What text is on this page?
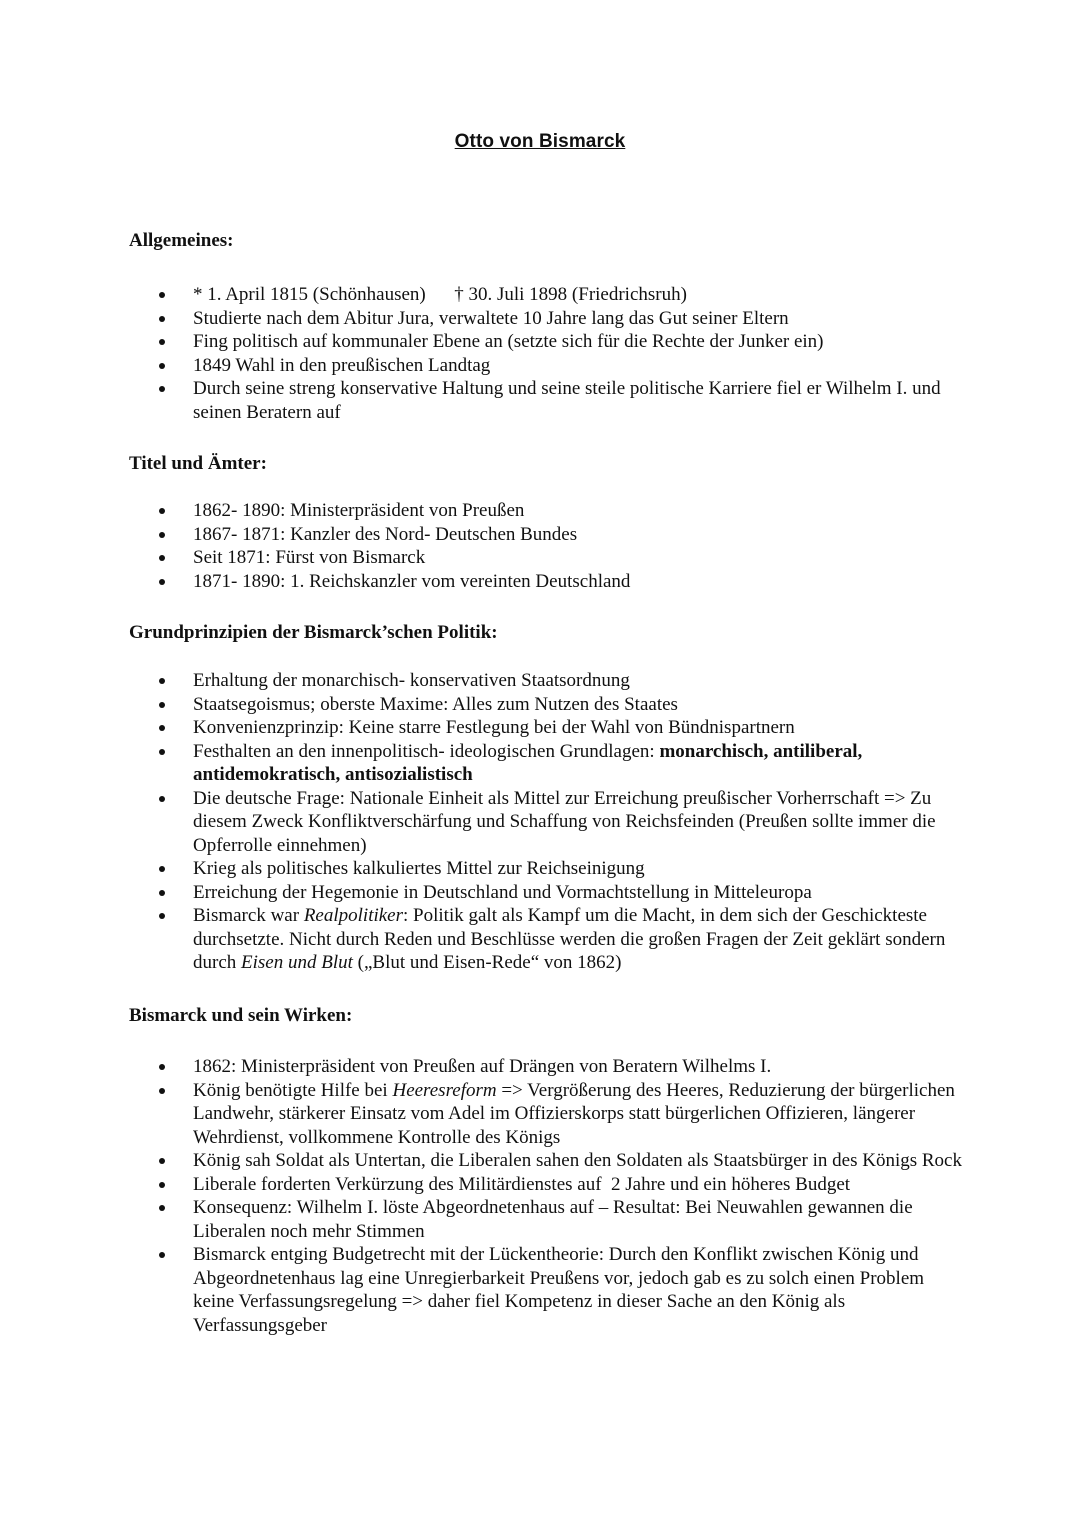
Otto von Bismarck
Allgemeines:
* 1. April 1815 (Schönhausen)      † 30. Juli 1898 (Friedrichsruh)
Studierte nach dem Abitur Jura, verwaltete 10 Jahre lang das Gut seiner Eltern
Fing politisch auf kommunaler Ebene an (setzte sich für die Rechte der Junker ein)
1849 Wahl in den preußischen Landtag
Durch seine streng konservative Haltung und seine steile politische Karriere fiel er Wilhelm I. und seinen Beratern auf
Titel und Ämter:
1862- 1890: Ministerpräsident von Preußen
1867- 1871: Kanzler des Nord- Deutschen Bundes
Seit 1871: Fürst von Bismarck
1871- 1890: 1. Reichskanzler vom vereinten Deutschland
Grundprinzipien der Bismarck’schen Politik:
Erhaltung der monarchisch- konservativen Staatsordnung
Staatsegoismus; oberste Maxime: Alles zum Nutzen des Staates
Konvenienzprinzip: Keine starre Festlegung bei der Wahl von Bündnispartnern
Festhalten an den innenpolitisch- ideologischen Grundlagen: monarchisch, antiliberal, antidemokratisch, antisozialistisch
Die deutsche Frage: Nationale Einheit als Mittel zur Erreichung preußischer Vorherrschaft => Zu diesem Zweck Konfliktverschärfung und Schaffung von Reichsfeinden (Preußen sollte immer die Opferrolle einnehmen)
Krieg als politisches kalkuliertes Mittel zur Reichseinigung
Erreichung der Hegemonie in Deutschland und Vormachtstellung in Mitteleuropa
Bismarck war Realpolitiker: Politik galt als Kampf um die Macht, in dem sich der Geschickteste durchsetzte. Nicht durch Reden und Beschlüsse werden die großen Fragen der Zeit geklärt sondern durch Eisen und Blut („Blut und Eisen-Rede“ von 1862)
Bismarck und sein Wirken:
1862: Ministerpräsident von Preußen auf Drängen von Beratern Wilhelms I.
König benötigte Hilfe bei Heeresreform => Vergrößerung des Heeres, Reduzierung der bürgerlichen Landwehr, stärkerer Einsatz vom Adel im Offizierskorps statt bürgerlichen Offizieren, längerer Wehrdienst, vollkommene Kontrolle des Königs
König sah Soldat als Untertan, die Liberalen sahen den Soldaten als Staatsbürger in des Königs Rock
Liberale forderten Verkürzung des Militärdienstes auf  2 Jahre und ein höheres Budget
Konsequenz: Wilhelm I. löste Abgeordnetenhaus auf – Resultat: Bei Neuwahlen gewannen die Liberalen noch mehr Stimmen
Bismarck entging Budgetrecht mit der Lückentheorie: Durch den Konflikt zwischen König und Abgeordnetenhaus lag eine Unregierbarkeit Preußens vor, jedoch gab es zu solch einen Problem keine Verfassungsregelung => daher fiel Kompetenz in dieser Sache an den König als Verfassungsgeber
